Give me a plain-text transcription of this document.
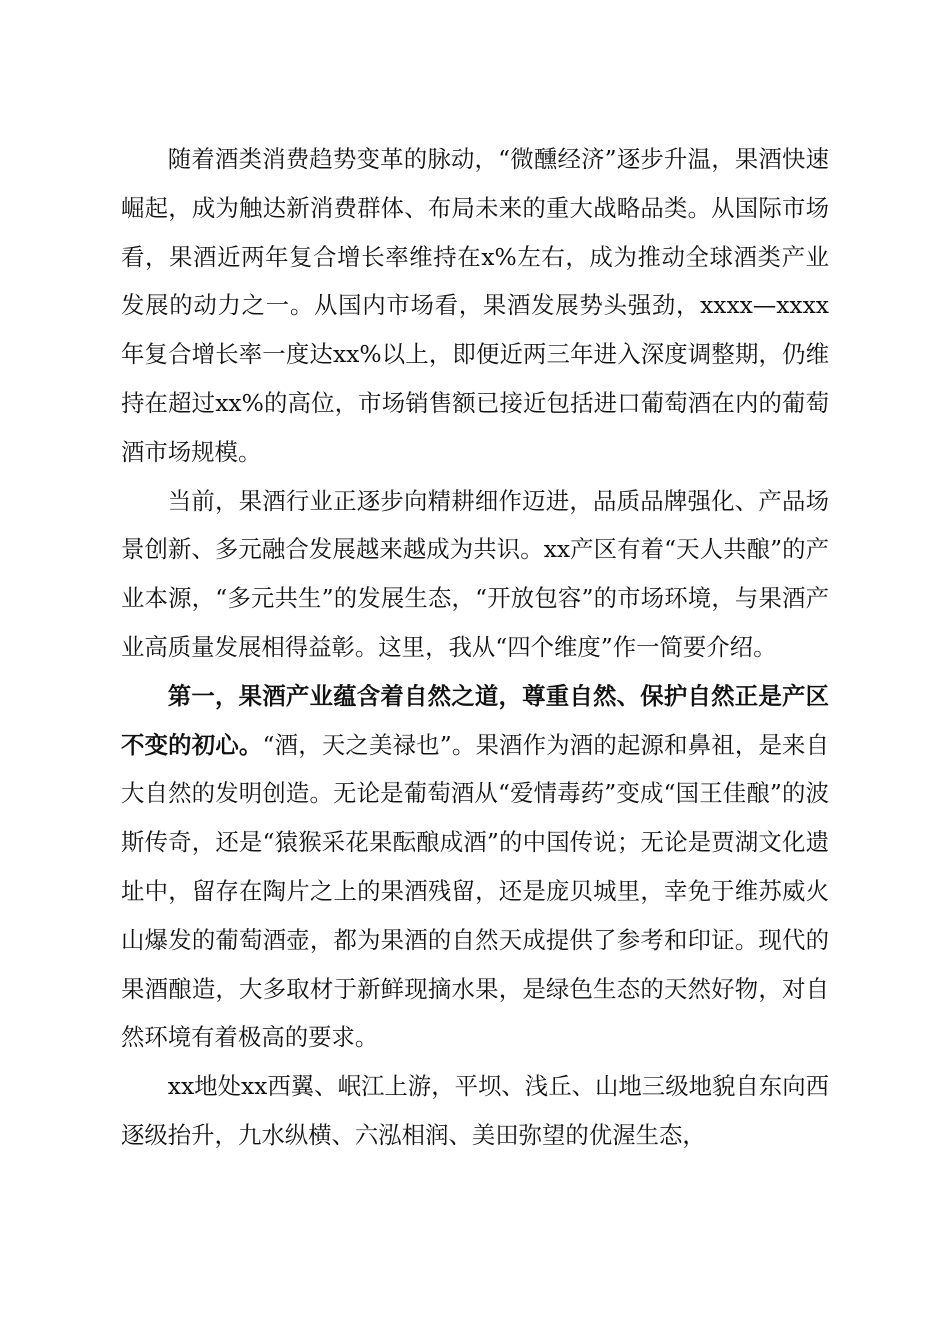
随着酒类消费趋势变革的脉动，“微醺经济”逐步升温，果酒快速崛起，成为触达新消费群体、布局未来的重大战略品类。从国际市场看，果酒近两年复合增长率维持在x%左右，成为推动全球酒类产业发展的动力之一。从国内市场看，果酒发展势头强劲，xxxx—xxxx年复合增长率一度达xx%以上，即便近两三年进入深度调整期，仍维持在超过xx%的高位，市场销售额已接近包括进口葡萄酒在内的葡萄酒市场规模。

当前，果酒行业正逐步向精耕细作迈进，品质品牌强化、产品场景创新、多元融合发展越来越成为共识。xx产区有着“天人共酿”的产业本源，“多元共生”的发展生态，“开放包容”的市场环境，与果酒产业高质量发展相得益彰。这里，我从“四个维度”作一简要介绍。

第一，果酒产业蕴含着自然之道，尊重自然、保护自然正是产区不变的初心。“酒，天之美禄也”。果酒作为酒的起源和鼻祖，是来自大自然的发明创造。无论是葡萄酒从“爱情毒药”变成“国王佳酿”的波斯传奇，还是“猿猴采花果酝酿成酒”的中国传说；无论是贾湖文化遗址中，留存在陶片之上的果酒残留，还是庞贝城里，幸免于维苏威火山爆发的葡萄酒壶，都为果酒的自然天成提供了参考和印证。现代的果酒酿造，大多取材于新鲜现摘水果，是绿色生态的天然好物，对自然环境有着极高的要求。

xx地处xx西翼、岷江上游，平坝、浅丘、山地三级地貌自东向西逐级抬升，九水纵横、六泓相润、美田弥望的优渥生态，
